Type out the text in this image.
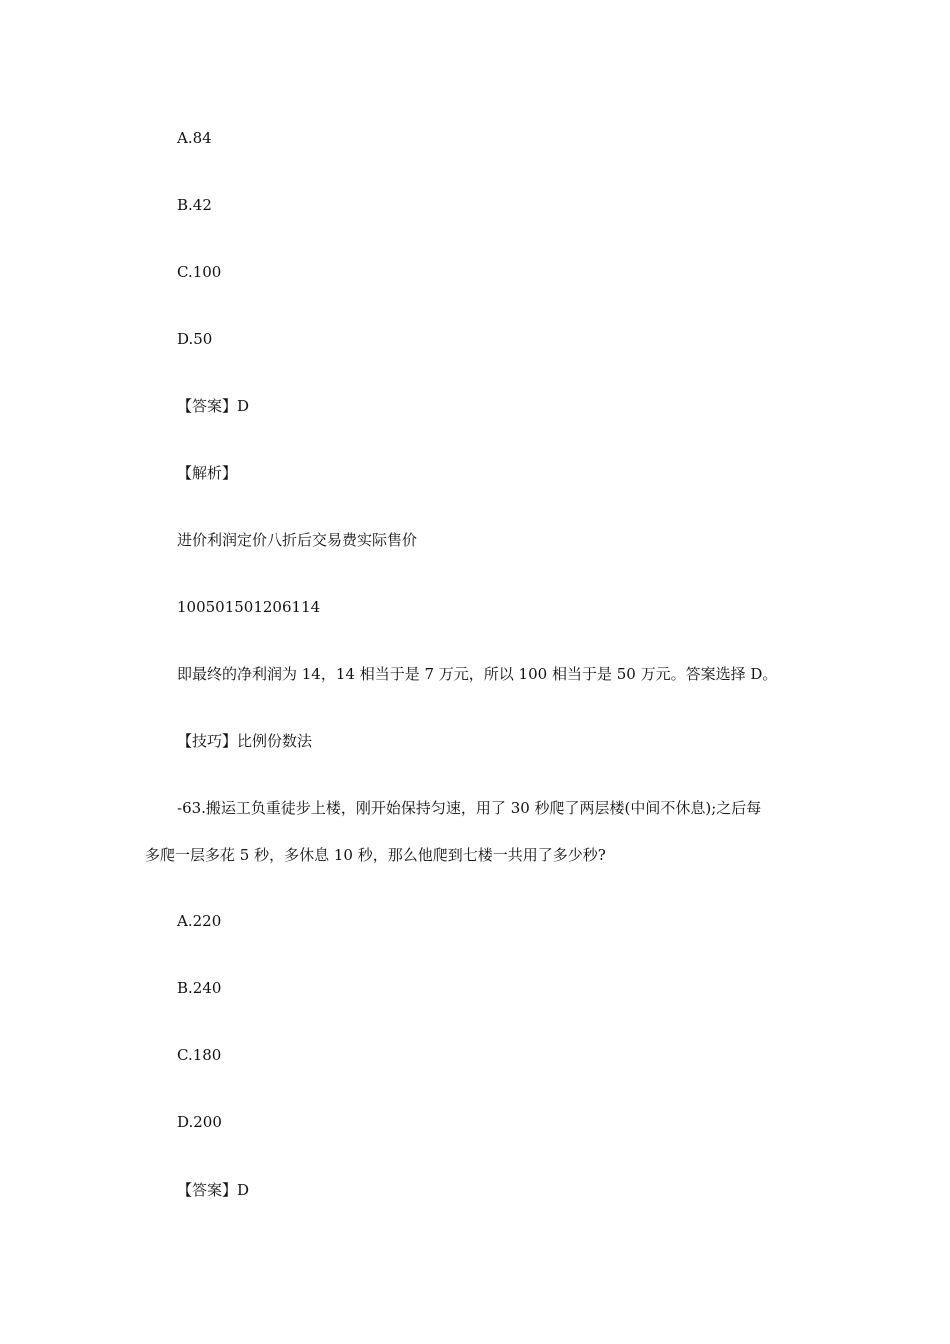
A.84
B.42
C.100
D.50
【答案】D
【解析】
进价利润定价八折后交易费实际售价
100501501206114
即最终的净利润为 14，14 相当于是 7 万元，所以 100 相当于是 50 万元。答案选择 D。
【技巧】比例份数法
-63.搬运工负重徒步上楼，刚开始保持匀速，用了 30 秒爬了两层楼(中间不休息);之后每
多爬一层多花 5 秒，多休息 10 秒，那么他爬到七楼一共用了多少秒?
A.220
B.240
C.180
D.200
【答案】D
